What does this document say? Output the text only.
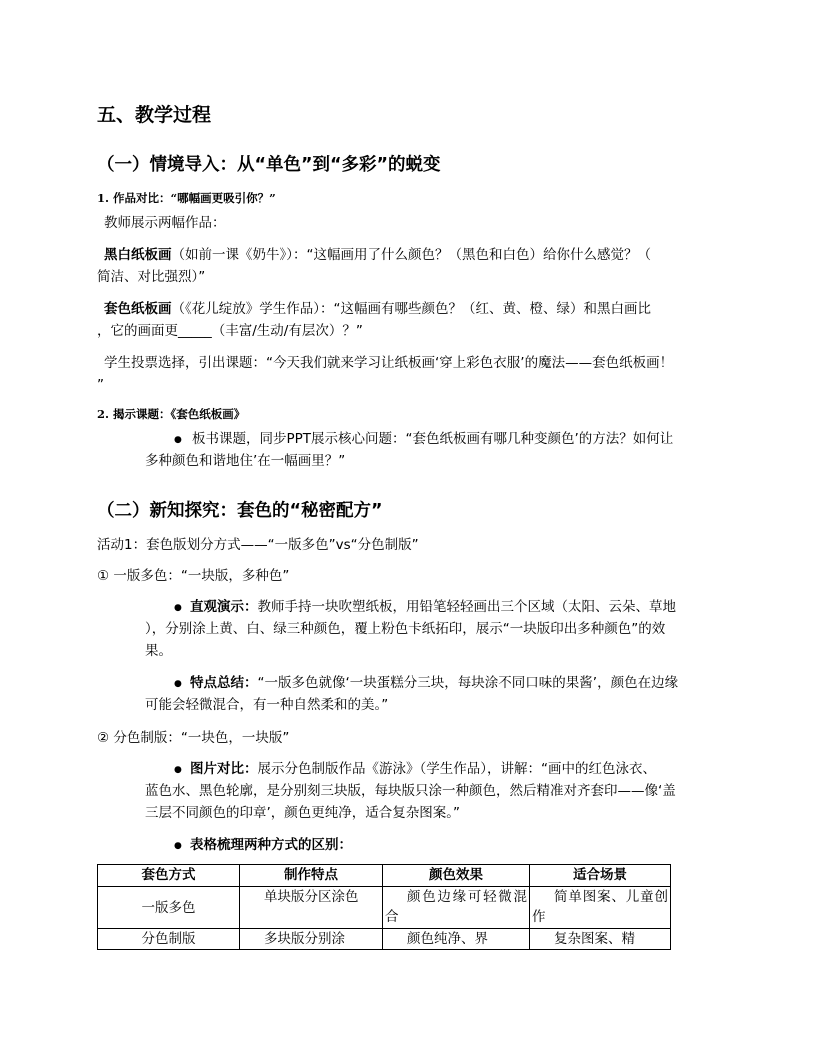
五、教学过程
（一）情境导入：从“单色”到“多彩”的蜕变
1. 作品对比：“哪幅画更吸引你？”
教师展示两幅作品：
黑白纸板画（如前一课《奶牛》）：“这幅画用了什么颜色？（黑色和白色）给你什么感觉？（
简洁、对比强烈）”
套色纸板画（《花儿绽放》学生作品）：“这幅画有哪些颜色？（红、黄、橙、绿）和黑白画比
，它的画面更_____（丰富/生动/有层次）？”
学生投票选择，引出课题：“今天我们就来学习让纸板画‘穿上彩色衣服’的魔法——套色纸板画！
”
2. 揭示课题：《套色纸板画》
● 板书课题，同步PPT展示核心问题：“套色纸板画有哪几种变颜色’的方法？如何让
多种颜色和谐地住’在一幅画里？”
（二）新知探究：套色的“秘密配方”
活动1：套色版划分方式——“一版多色”vs“分色制版”
① 一版多色：“一块版，多种色”
● 直观演示：教师手持一块吹塑纸板，用铅笔轻轻画出三个区域（太阳、云朵、草地
），分别涂上黄、白、绿三种颜色，覆上粉色卡纸拓印，展示“一块版印出多种颜色”的效
果。
● 特点总结：“一版多色就像‘一块蛋糕分三块，每块涂不同口味的果酱’，颜色在边缘
可能会轻微混合，有一种自然柔和的美。”
② 分色制版：“一块色，一块版”
● 图片对比：展示分色制版作品《游泳》（学生作品），讲解：“画中的红色泳衣、
蓝色水、黑色轮廓，是分别刻三块版，每块版只涂一种颜色，然后精准对齐套印——像‘盖
三层不同颜色的印章’，颜色更纯净，适合复杂图案。”
● 表格梳理两种方式的区别：
套色方式	制作特点	颜色效果	适合场景
一版多色	单块版分区涂色	颜色边缘可轻微混合	简单图案、儿童创作

分色制版	多块版分别涂	颜色纯净、界	复杂图案、精
